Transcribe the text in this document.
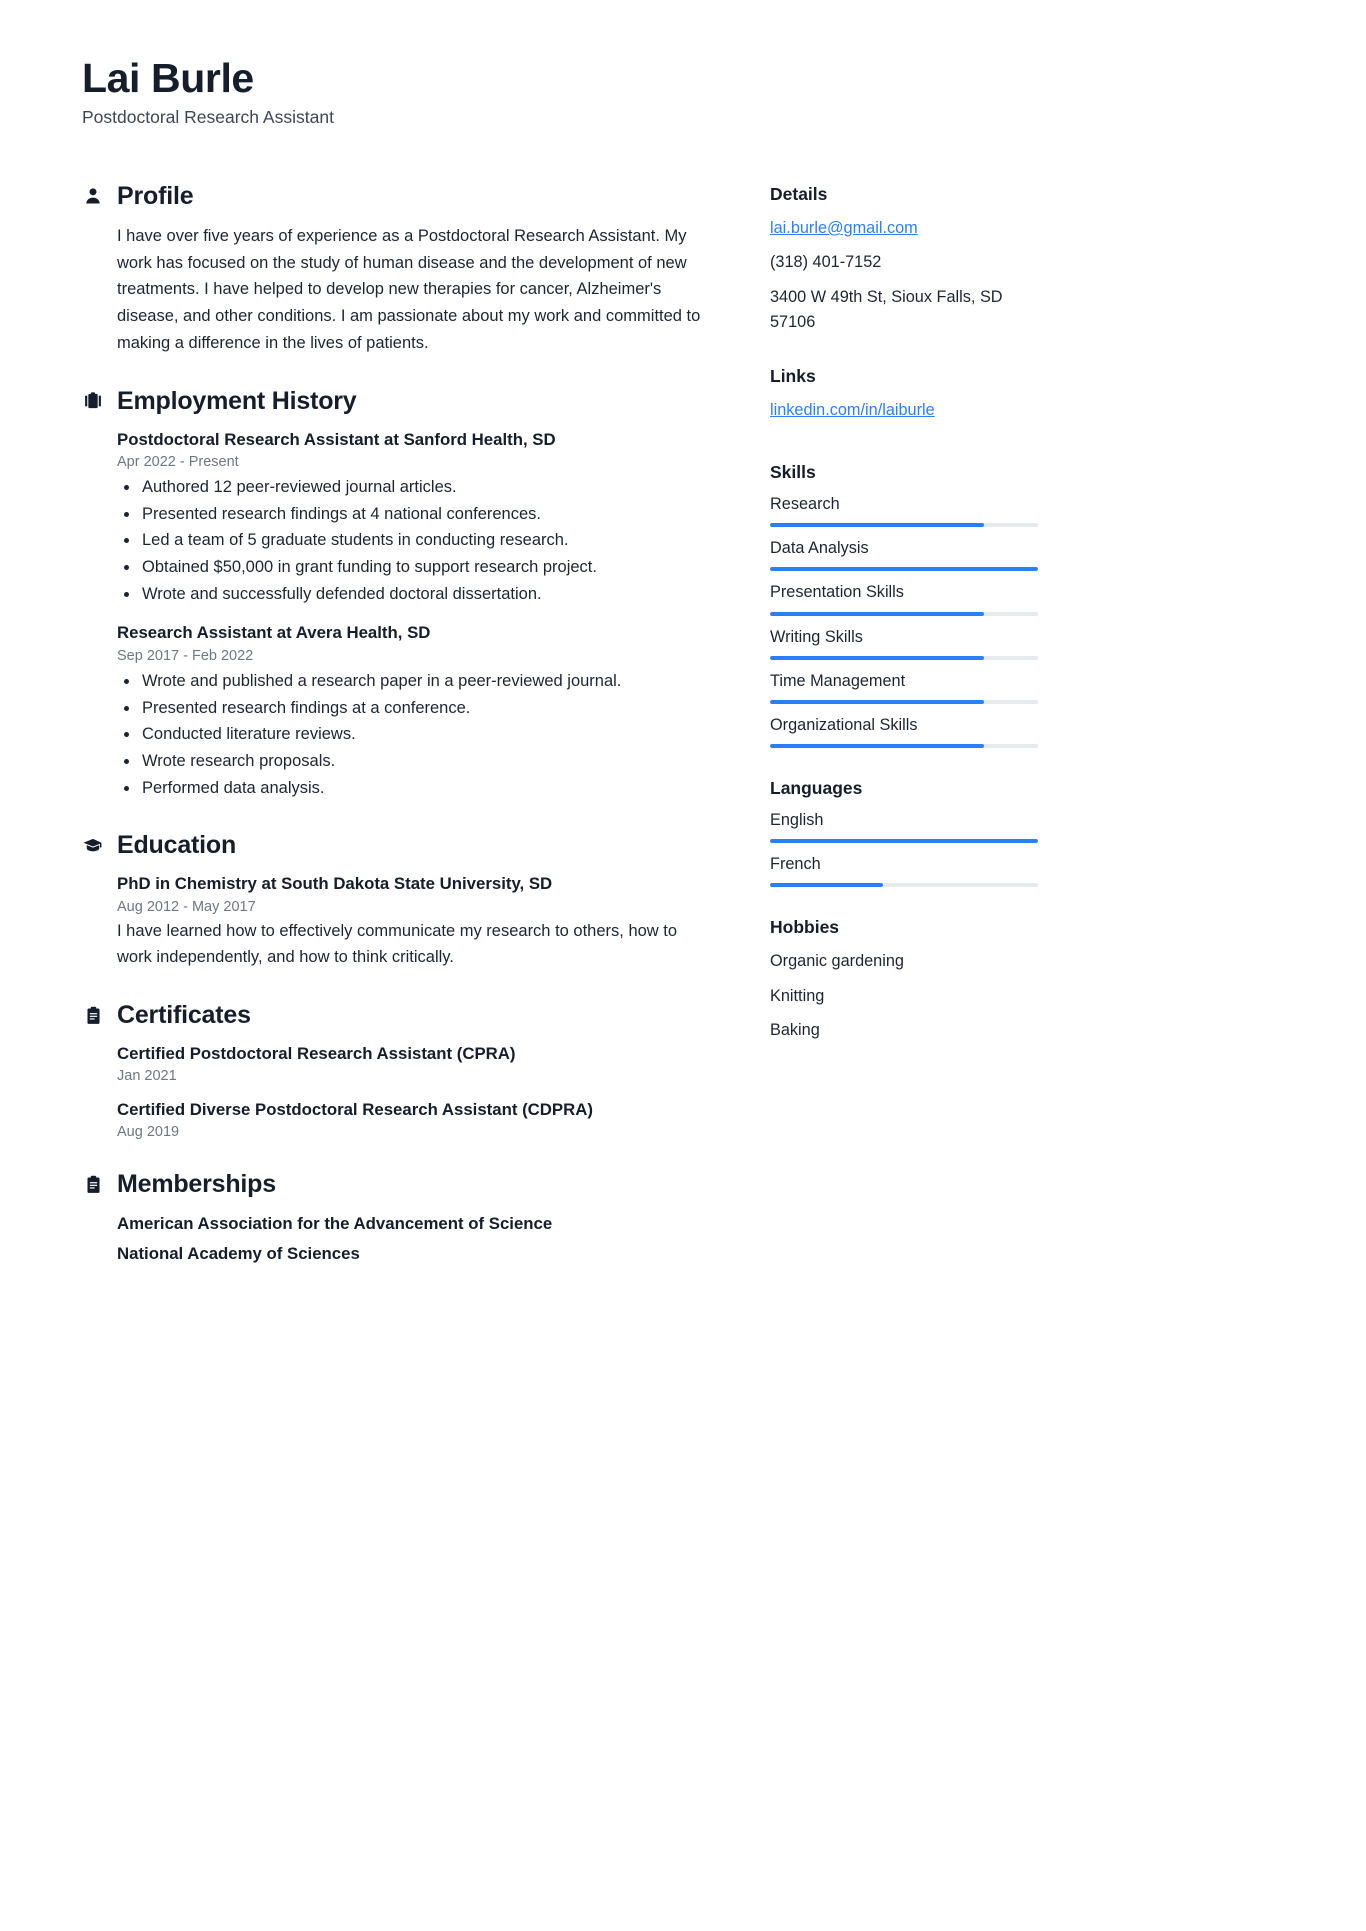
Lai Burle
Postdoctoral Research Assistant
Profile
I have over five years of experience as a Postdoctoral Research Assistant. My work has focused on the study of human disease and the development of new treatments. I have helped to develop new therapies for cancer, Alzheimer's disease, and other conditions. I am passionate about my work and committed to making a difference in the lives of patients.
Employment History
Postdoctoral Research Assistant at Sanford Health, SD
Apr 2022 - Present
Authored 12 peer-reviewed journal articles.
Presented research findings at 4 national conferences.
Led a team of 5 graduate students in conducting research.
Obtained $50,000 in grant funding to support research project.
Wrote and successfully defended doctoral dissertation.
Research Assistant at Avera Health, SD
Sep 2017 - Feb 2022
Wrote and published a research paper in a peer-reviewed journal.
Presented research findings at a conference.
Conducted literature reviews.
Wrote research proposals.
Performed data analysis.
Education
PhD in Chemistry at South Dakota State University, SD
Aug 2012 - May 2017
I have learned how to effectively communicate my research to others, how to work independently, and how to think critically.
Certificates
Certified Postdoctoral Research Assistant (CPRA)
Jan 2021
Certified Diverse Postdoctoral Research Assistant (CDPRA)
Aug 2019
Memberships
American Association for the Advancement of Science
National Academy of Sciences
Details
lai.burle@gmail.com
(318) 401-7152
3400 W 49th St, Sioux Falls, SD 57106
Links
linkedin.com/in/laiburle
Skills
Research
Data Analysis
Presentation Skills
Writing Skills
Time Management
Organizational Skills
Languages
English
French
Hobbies
Organic gardening
Knitting
Baking
